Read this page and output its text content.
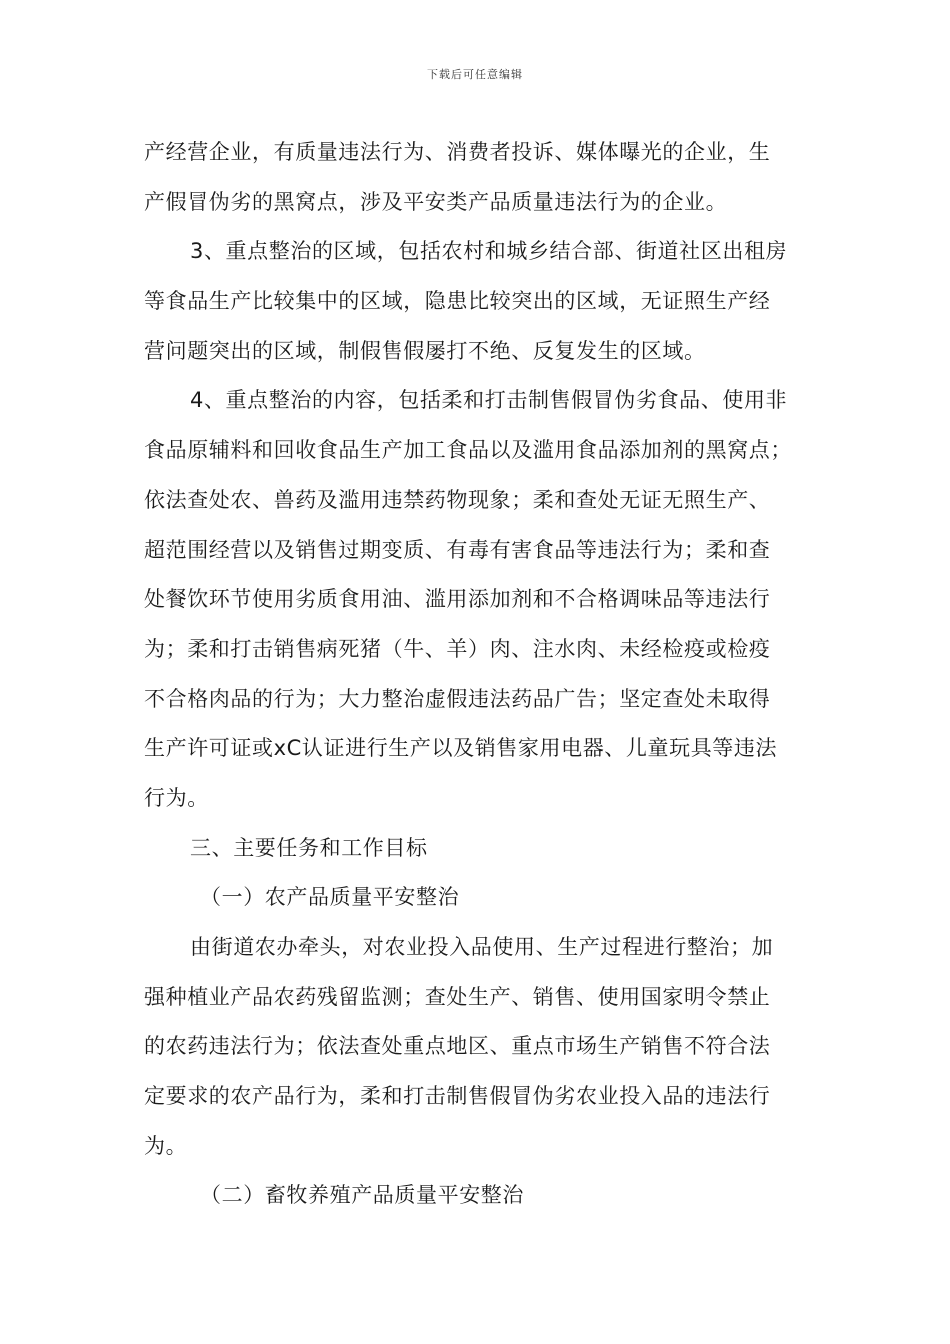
下载后可任意编辑
产经营企业，有质量违法行为、消费者投诉、媒体曝光的企业，生
产假冒伪劣的黑窝点，涉及平安类产品质量违法行为的企业。
3、重点整治的区域，包括农村和城乡结合部、街道社区出租房
等食品生产比较集中的区域，隐患比较突出的区域，无证照生产经
营问题突出的区域，制假售假屡打不绝、反复发生的区域。
4、重点整治的内容，包括柔和打击制售假冒伪劣食品、使用非
食品原辅料和回收食品生产加工食品以及滥用食品添加剂的黑窝点；
依法查处农、兽药及滥用违禁药物现象；柔和查处无证无照生产、
超范围经营以及销售过期变质、有毒有害食品等违法行为；柔和查
处餐饮环节使用劣质食用油、滥用添加剂和不合格调味品等违法行
为；柔和打击销售病死猪（牛、羊）肉、注水肉、未经检疫或检疫
不合格肉品的行为；大力整治虚假违法药品广告；坚定查处未取得
生产许可证或xC认证进行生产以及销售家用电器、儿童玩具等违法
行为。
三、主要任务和工作目标
（一）农产品质量平安整治
由街道农办牵头，对农业投入品使用、生产过程进行整治；加
强种植业产品农药残留监测；查处生产、销售、使用国家明令禁止
的农药违法行为；依法查处重点地区、重点市场生产销售不符合法
定要求的农产品行为，柔和打击制售假冒伪劣农业投入品的违法行
为。
（二）畜牧养殖产品质量平安整治
